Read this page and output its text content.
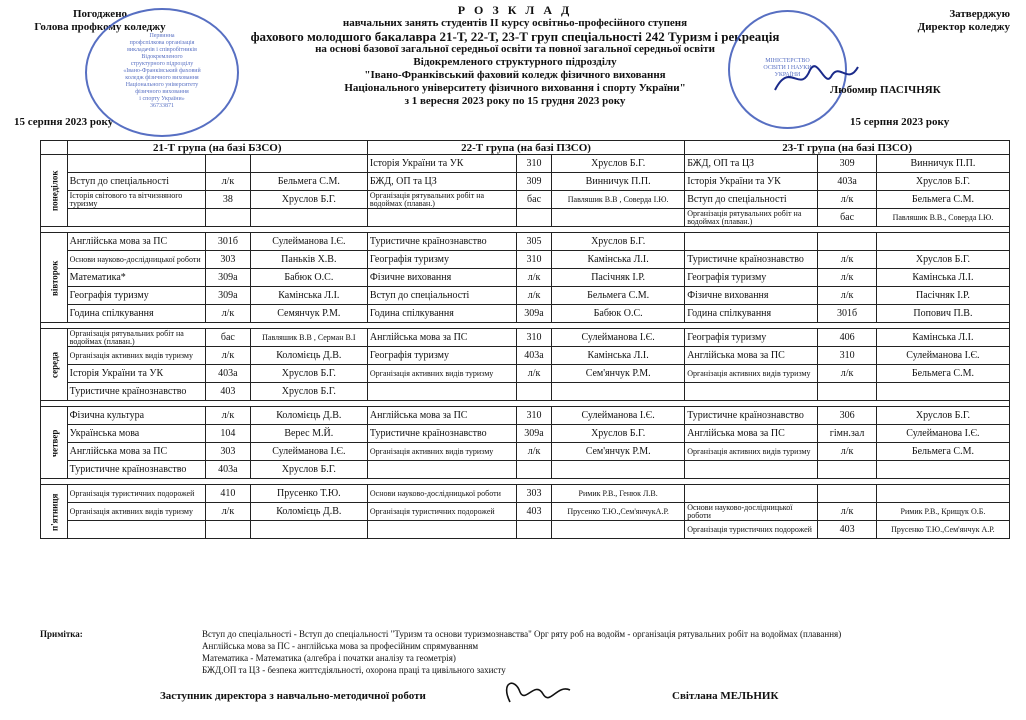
Погоджено
Голова профкому коледжу
15 серпня 2023 року
Первинна
профспілкова організація
викладачів і співробітників
Відокремленого
структурного підрозділу
«Івано-Франківський фаховий
коледж фізичного виховання
Національного університету
фізичного виховання
і спорту України»
36733871
Р О З К Л А Д
навчальних занять студентів II курсу освітньо-професійного ступеня
фахового молодшого бакалавра 21-Т, 22-Т, 23-Т груп спеціальності 242 Туризм і рекреація
на основі базової загальної середньої освіти та повної загальної середньої освіти
Відокремленого структурного підрозділу
"Івано-Франківський фаховий коледж фізичного виховання
Національного університету фізичного виховання і спорту України"
з 1 вересня 2023 року по 15 грудня 2023 року
Затверджую
Директор коледжу
МІНІСТЕРСТВО ОСВІТИ І НАУКИ УКРАЇНИ
Любомир ПАСІЧНЯК
15 серпня 2023 року
	21-Т група (на базі БЗСО)			22-Т група (на базі ПЗСО)			23-Т група (на базі ПЗСО)		
понеділок				Історія України та УК	310	Хруслов Б.Г.	БЖД, ОП та ЦЗ	309	Винничук П.П.
	Вступ до спеціальності	л/к	Бельмега С.М.	БЖД, ОП та ЦЗ	309	Винничук П.П.	Історія України та УК	403а	Хруслов Б.Г.
	Історія світового та вітчизняного туризму	38	Хруслов Б.Г.	Організація рятувальних робіт на водоймах (плаван.)	бас	Павляшик В.В , Соверда І.Ю.	Вступ до спеціальності	л/к	Бельмега С.М.
							Організація рятувальних робіт на водоймах (плаван.)	бас	Павляшик В.В., Соверда І.Ю.

вівторок	Англійська мова за ПС	301б	Сулейманова І.Є.	Туристичне країнознавство	305	Хруслов Б.Г.			
	Основи науково-дослідницької роботи	303	Паньків Х.В.	Географія туризму	310	Камінська Л.І.	Туристичне країнознавство	л/к	Хруслов Б.Г.
	Математика*	309а	Бабюк О.С.	Фізичне виховання	л/к	Пасічняк І.Р.	Географія туризму	л/к	Камінська Л.І.
	Географія туризму	309а	Камінська Л.І.	Вступ до спеціальності	л/к	Бельмега С.М.	Фізичне виховання	л/к	Пасічняк І.Р.
	Година спілкування	л/к	Семянчук Р.М.	Година спілкування	309а	Бабюк О.С.	Година спілкування	301б	Попович П.В.

середа	Організація рятувальних робіт на водоймах (плаван.)	бас	Павляшик В.В , Серман В.І	Англійська мова за ПС	310	Сулейманова І.Є.	Географія туризму	406	Камінська Л.І.
	Організація активних видів туризму	л/к	Коломієць Д.В.	Географія туризму	403а	Камінська Л.І.	Англійська мова за ПС	310	Сулейманова І.Є.
	Історія України та УК	403а	Хруслов Б.Г.	Організація активних видів туризму	л/к	Сем'янчук Р.М.	Організація активних видів туризму	л/к	Бельмега С.М.
	Туристичне країнознавство	403	Хруслов Б.Г.						

четвер	Фізична культура	л/к	Коломієць Д.В.	Англійська мова за ПС	310	Сулейманова І.Є.	Туристичне країнознавство	306	Хруслов Б.Г.
	Українська мова	104	Верес М.Й.	Туристичне країнознавство	309а	Хруслов Б.Г.	Англійська мова за ПС	гімн.зал	Сулейманова І.Є.
	Англійська мова за ПС	303	Сулейманова І.Є.	Організація активних видів туризму	л/к	Сем'янчук Р.М.	Організація активних видів туризму	л/к	Бельмега С.М.
	Туристичне країнознавство	403а	Хруслов Б.Г.						

п'ятниця	Організація туристичних подорожей	410	Прусенко Т.Ю.	Основи науково-дослідницької роботи	303	Римик Р.В., Генюк Л.В.			
	Організація активних видів туризму	л/к	Коломієць Д.В.	Організація туристичних подорожей	403	Прусенко Т.Ю.,Сем'янчукА.Р.	Основи науково-дослідницької роботи	л/к	Римик Р.В., Крищук О.Б.
							Організація туристичних подорожей	403	Прусенко Т.Ю.,Сем'янчук А.Р.
Примітка:	Вступ до спеціальності - Вступ до спеціальності "Туризм та основи туризмознавства" Орг ряту роб на водойм - організація рятувальних робіт на водоймах (плавання)
Англійська мова за ПС - англійська мова за професійним спрямуванням
Математика - Математика (алгебра і початки аналізу та геометрія)
БЖД,ОП та ЦЗ - безпека життєдіяльності, охорона праці та цивільного захисту
Заступник директора з навчально-методичної роботи	Світлана МЕЛЬНИК
